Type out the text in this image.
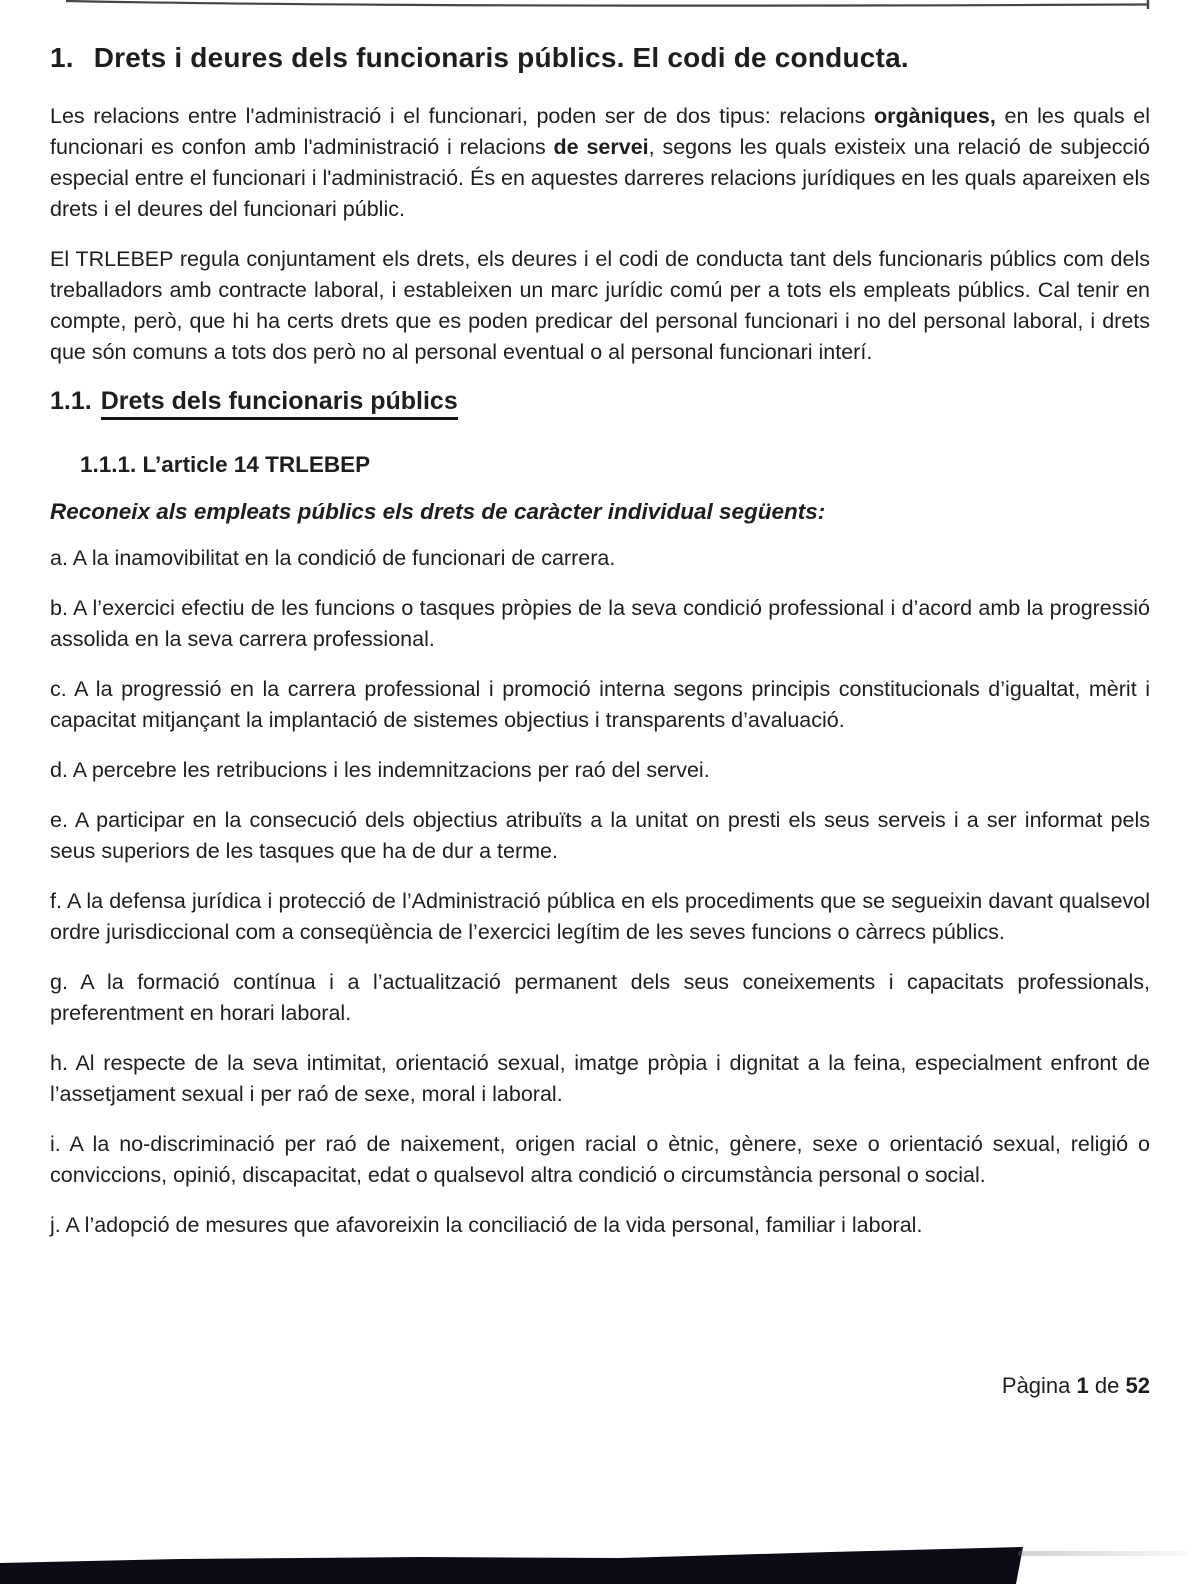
1. Drets i deures dels funcionaris públics. El codi de conducta.

Les relacions entre l'administració i el funcionari, poden ser de dos tipus: relacions orgàniques, en les quals el funcionari es confon amb l'administració i relacions de servei, segons les quals existeix una relació de subjecció especial entre el funcionari i l'administració. És en aquestes darreres relacions jurídiques en les quals apareixen els drets i el deures del funcionari públic.

El TRLEBEP regula conjuntament els drets, els deures i el codi de conducta tant dels funcionaris públics com dels treballadors amb contracte laboral, i estableixen un marc jurídic comú per a tots els empleats públics. Cal tenir en compte, però, que hi ha certs drets que es poden predicar del personal funcionari i no del personal laboral, i drets que són comuns a tots dos però no al personal eventual o al personal funcionari interí.

1.1. Drets dels funcionaris públics
1.1.1. L’article 14 TRLEBEP

Reconeix als empleats públics els drets de caràcter individual següents:

a. A la inamovibilitat en la condició de funcionari de carrera.

b. A l’exercici efectiu de les funcions o tasques pròpies de la seva condició professional i d’acord amb la progressió assolida en la seva carrera professional.

c. A la progressió en la carrera professional i promoció interna segons principis constitucionals d’igualtat, mèrit i capacitat mitjançant la implantació de sistemes objectius i transparents d’avaluació.

d. A percebre les retribucions i les indemnitzacions per raó del servei.

e. A participar en la consecució dels objectius atribuïts a la unitat on presti els seus serveis i a ser informat pels seus superiors de les tasques que ha de dur a terme.

f. A la defensa jurídica i protecció de l’Administració pública en els procediments que se segueixin davant qualsevol ordre jurisdiccional com a conseqüència de l’exercici legítim de les seves funcions o càrrecs públics.

g. A la formació contínua i a l’actualització permanent dels seus coneixements i capacitats professionals, preferentment en horari laboral.

h. Al respecte de la seva intimitat, orientació sexual, imatge pròpia i dignitat a la feina, especialment enfront de l’assetjament sexual i per raó de sexe, moral i laboral.

i. A la no-discriminació per raó de naixement, origen racial o ètnic, gènere, sexe o orientació sexual, religió o conviccions, opinió, discapacitat, edat o qualsevol altra condició o circumstància personal o social.

j. A l’adopció de mesures que afavoreixin la conciliació de la vida personal, familiar i laboral.

Pàgina 1 de 52
